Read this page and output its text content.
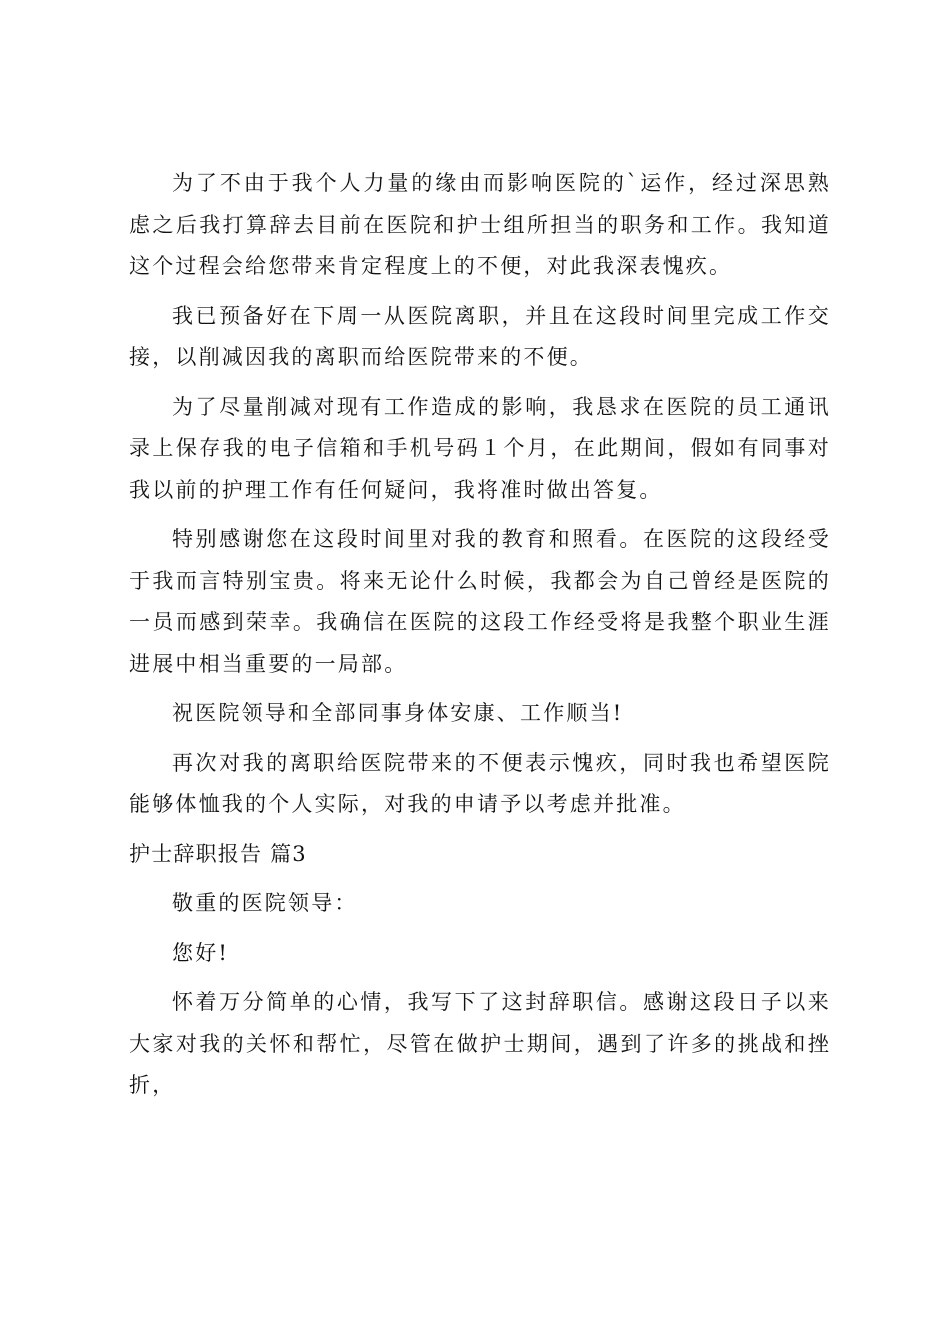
为了不由于我个人力量的缘由而影响医院的`运作，经过深思熟虑之后我打算辞去目前在医院和护士组所担当的职务和工作。我知道这个过程会给您带来肯定程度上的不便，对此我深表愧疚。

我已预备好在下周一从医院离职，并且在这段时间里完成工作交接，以削减因我的离职而给医院带来的不便。

为了尽量削减对现有工作造成的影响，我恳求在医院的员工通讯录上保存我的电子信箱和手机号码１个月，在此期间，假如有同事对我以前的护理工作有任何疑问，我将准时做出答复。

特别感谢您在这段时间里对我的教育和照看。在医院的这段经受于我而言特别宝贵。将来无论什么时候，我都会为自己曾经是医院的一员而感到荣幸。我确信在医院的这段工作经受将是我整个职业生涯进展中相当重要的一局部。

祝医院领导和全部同事身体安康、工作顺当!

再次对我的离职给医院带来的不便表示愧疚，同时我也希望医院能够体恤我的个人实际，对我的申请予以考虑并批准。

护士辞职报告 篇3

敬重的医院领导：

您好!

怀着万分简单的心情，我写下了这封辞职信。感谢这段日子以来大家对我的关怀和帮忙，尽管在做护士期间，遇到了许多的挑战和挫折，
